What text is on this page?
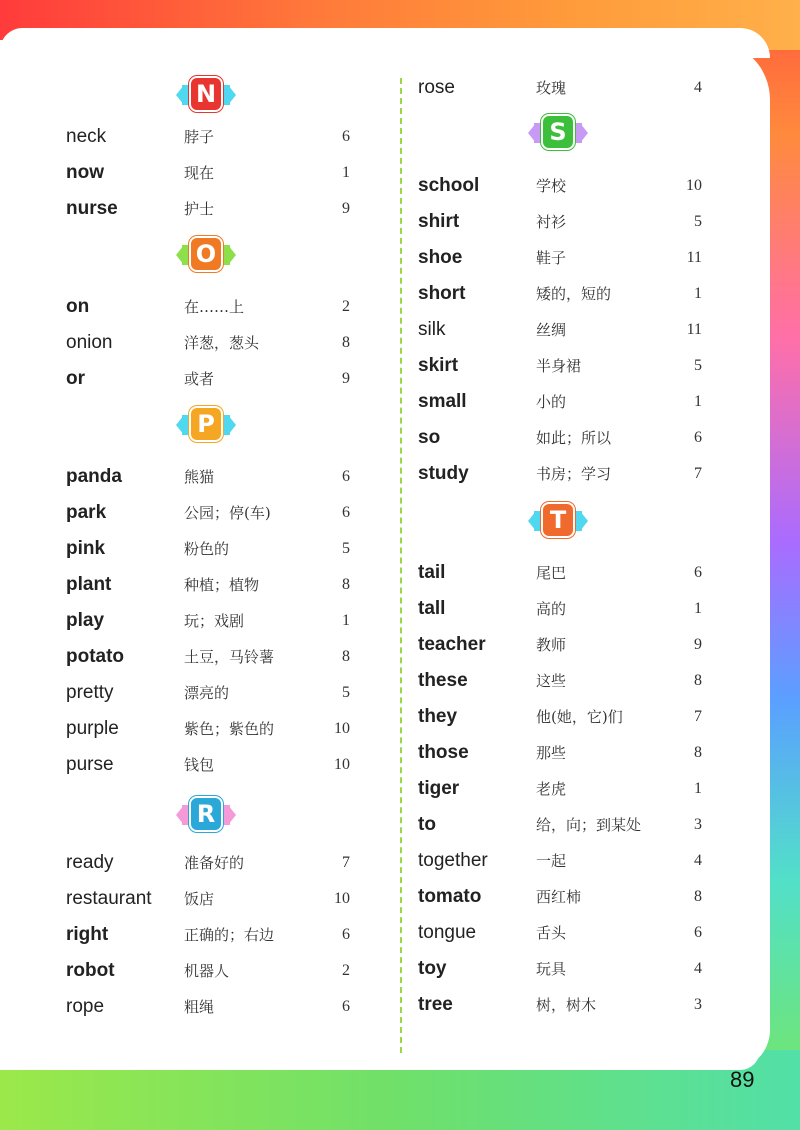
N
neck	脖子	6
now	现在	1
nurse	护士	9
O
on	在……上	2
onion	洋葱，葱头	8
or	或者	9
P
panda	熊猫	6
park	公园；停(车)	6
pink	粉色的	5
plant	种植；植物	8
play	玩；戏剧	1
potato	土豆，马铃薯	8
pretty	漂亮的	5
purple	紫色；紫色的	10
purse	钱包	10
R
ready	准备好的	7
restaurant 饭店	10
right	正确的；右边	6
robot	机器人	2
rope	粗绳	6
rose	玫瑰	4
S
school	学校	10
shirt	衬衫	5
shoe	鞋子	11
short	矮的，短的	1
silk	丝绸	11
skirt	半身裙	5
small	小的	1
so	如此；所以	6
study	书房；学习	7
T
tail	尾巴	6
tall	高的	1
teacher	教师	9
these	这些	8
they	他(她，它)们	7
those	那些	8
tiger	老虎	1
to	给，向；到某处	3
together	一起	4
tomato	西红柿	8
tongue	舌头	6
toy	玩具	4
tree	树，树木	3
89
